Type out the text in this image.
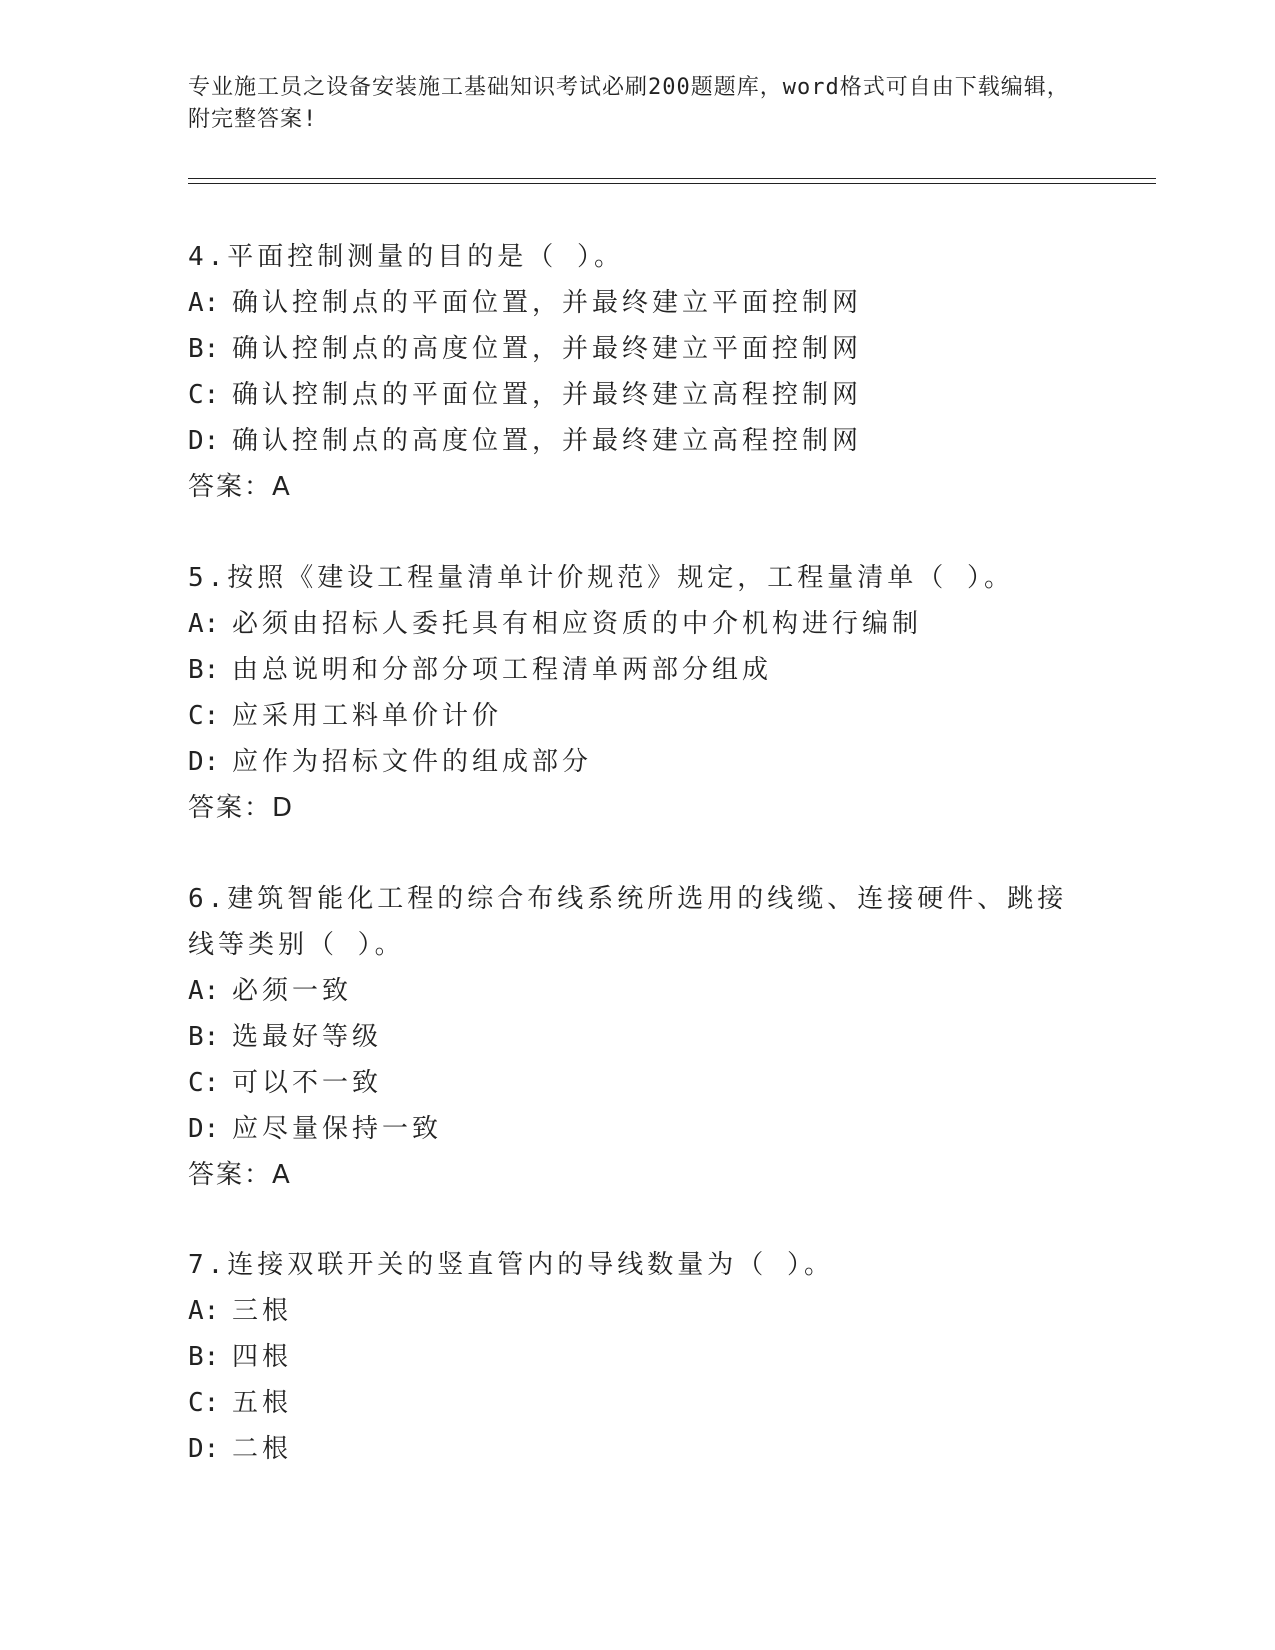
专业施工员之设备安装施工基础知识考试必刷200题题库，word格式可自由下载编辑，附完整答案!

4.平面控制测量的目的是（ ）。

A: 确认控制点的平面位置，并最终建立平面控制网

B: 确认控制点的高度位置，并最终建立平面控制网

C: 确认控制点的平面位置，并最终建立高程控制网

D: 确认控制点的高度位置，并最终建立高程控制网

答案：A

5.按照《建设工程量清单计价规范》规定，工程量清单（ ）。

A: 必须由招标人委托具有相应资质的中介机构进行编制

B: 由总说明和分部分项工程清单两部分组成

C: 应采用工料单价计价

D: 应作为招标文件的组成部分

答案：D

6.建筑智能化工程的综合布线系统所选用的线缆、连接硬件、跳接线等类别（ ）。

A: 必须一致

B: 选最好等级

C: 可以不一致

D: 应尽量保持一致

答案：A

7.连接双联开关的竖直管内的导线数量为（ ）。

A: 三根

B: 四根

C: 五根

D: 二根
